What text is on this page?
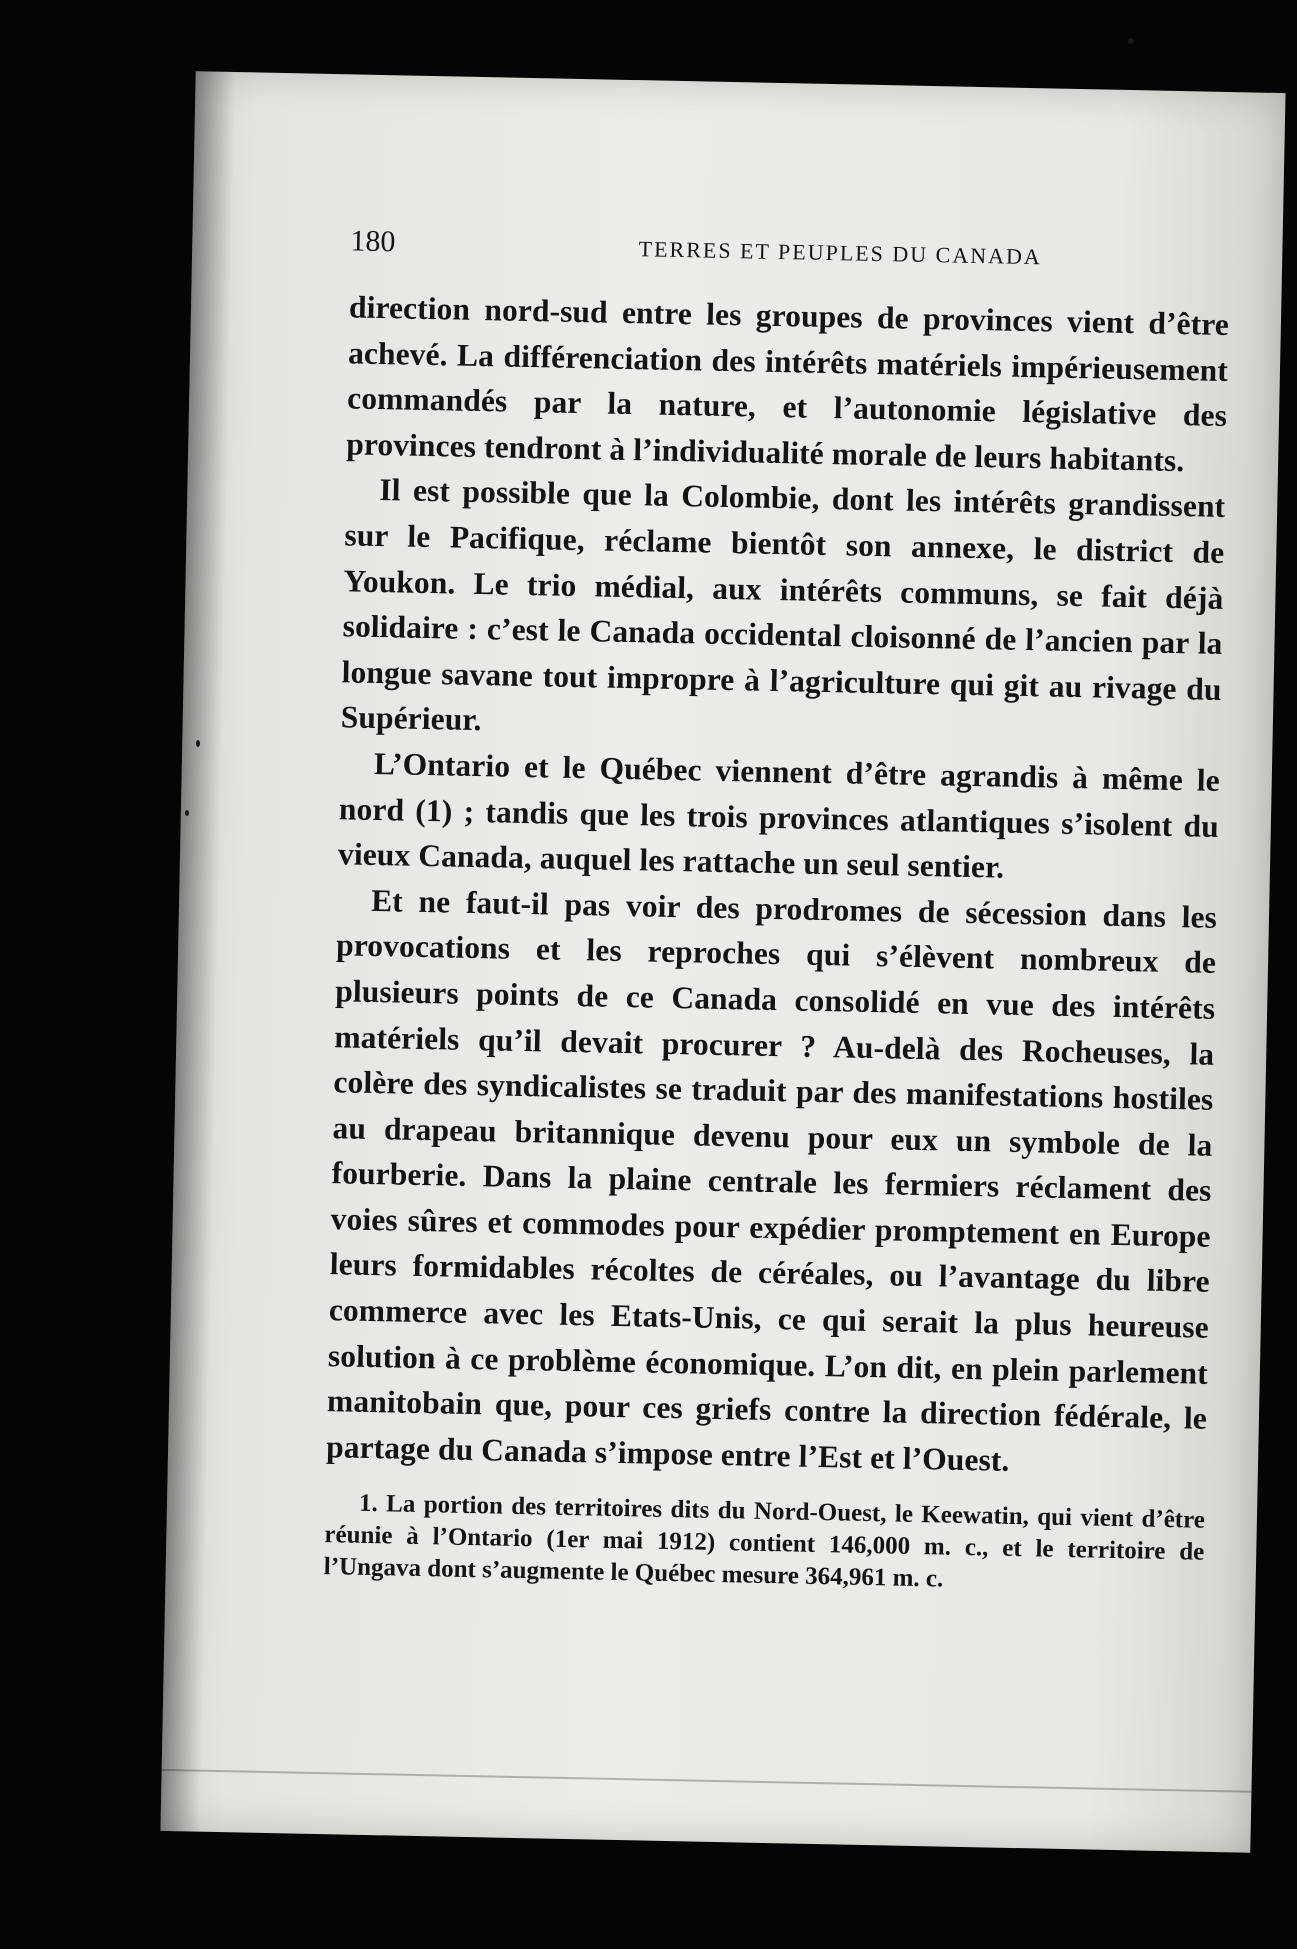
180	TERRES ET PEUPLES DU CANADA

direction nord-sud entre les groupes de provinces vient d’être achevé. La différenciation des intérêts matériels impérieusement commandés par la nature, et l’autonomie législative des provinces tendront à l’individualité morale de leurs habitants.

Il est possible que la Colombie, dont les intérêts grandissent sur le Pacifique, réclame bientôt son annexe, le district de Youkon. Le trio médial, aux intérêts communs, se fait déjà solidaire : c’est le Canada occidental cloisonné de l’ancien par la longue savane tout impropre à l’agriculture qui git au rivage du Supérieur.

L’Ontario et le Québec viennent d’être agrandis à même le nord (1) ; tandis que les trois provinces atlantiques s’isolent du vieux Canada, auquel les rattache un seul sentier.

Et ne faut-il pas voir des prodromes de sécession dans les provocations et les reproches qui s’élèvent nombreux de plusieurs points de ce Canada consolidé en vue des intérêts matériels qu’il devait procurer ? Au-delà des Rocheuses, la colère des syndicalistes se traduit par des manifestations hostiles au drapeau britannique devenu pour eux un symbole de la fourberie. Dans la plaine centrale les fermiers réclament des voies sûres et commodes pour expédier promptement en Europe leurs formidables récoltes de céréales, ou l’avantage du libre commerce avec les Etats-Unis, ce qui serait la plus heureuse solution à ce problème économique. L’on dit, en plein parlement manitobain que, pour ces griefs contre la direction fédérale, le partage du Canada s’impose entre l’Est et l’Ouest.

1. La portion des territoires dits du Nord-Ouest, le Keewatin, qui vient d’être réunie à l’Ontario (1er mai 1912) contient 146,000 m. c., et le territoire de l’Ungava dont s’augmente le Québec mesure 364,961 m. c.
